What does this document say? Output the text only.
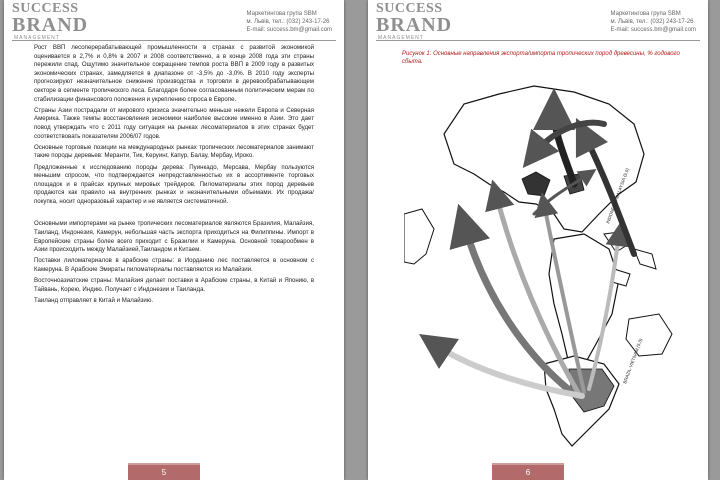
SUCCESS
BRAND
MANAGEMENT
Маркетингова група SBM
м. Львів, тел.: (032) 243-17-26
E-mail: success.bm@gmail.com

Рост ВВП лесоперерабатывающей промышленности в странах с развитой экономикой оценивается в 2,7% и 0,8% в 2007 и 2008 соответственно, а в конце 2008 года эти страны пережили спад. Ощутимо значительное сокращение темпов роста ВВП в 2009 году в развитых экономических странах, замедляется в диапазоне от -3,5% до -3,0%. В 2010 году эксперты прогнозируют незначительное снижение производства и торговли в деревообрабатывающем секторе в сегменте тропического леса. Благодаря более согласованным политическим мерам по стабилизации финансового положения и укреплению спроса в Европе.

Страны Азии пострадали от мирового кризиса значительно меньше нежели Европа и Северная Америка. Также темпы восстановления экономики наиболее высокие именно в Азии. Это дает повод утверждать что с 2011 году ситуация на рынках лесоматериалов в этих странах будет соответствовать показателям 2006/07 годов.

Основные торговые позиции на международных рынках тропических лесоматериалов занимают такие породы деревьев: Меранти, Тик, Керуинг, Капур, Балау, Мербау, Ироко.

Предложенные к исследованию породы дерева: Пуинкадо, Мерсава, Мербау пользуются меньшим спросом, что подтверждается непредставленностью их в ассортименте торговых площадок и в прайсах крупных мировых трейдеров. Пиломатериалы этих пород деревьев продаются как правило на внутренних рынках и незначительными объемами. Их продажа/покупка, носит одноразовый характер и не является систематичной.

Основными импортерами на рынке тропических лесоматериалов являются Бразилия, Малайзия, Таиланд, Индонезия, Камерун, небольшая часть экспорта приходиться на Филиппины. Импорт в Европейские страны более всего приходит с Бразилии и Камеруна. Основной товарообмен в Азии происходить между Малайзией,Таиландом и Китаем.

Поставки лиломатериалов в арабские страны: в Иорданию лес поставляется в основном с Камеруна. В Арабские Эмираты пиломатериалы поставляются из Малайзии.

Восточноазиатские страны: Малайзия делает поставки в Арабские страны, в Китай и Японию, в Тайвань, Корею, Индию. Получает с Индонезии и Таиланда.

Таиланд отправляет в Китай и Малайзию.

5
SUCCESS
BRAND
MANAGEMENT
Маркетингова група SBM
м. Львів, тел.: (032) 243-17-26
E-mail: success.bm@gmail.com
Рисунок 1: Основные направления экспорта/импорта тропических пород древесины, % годового сбыта.
INDONESIA-MALAYSIA (5.0)
BRAZIL-VIETNAM (5.0)
6
